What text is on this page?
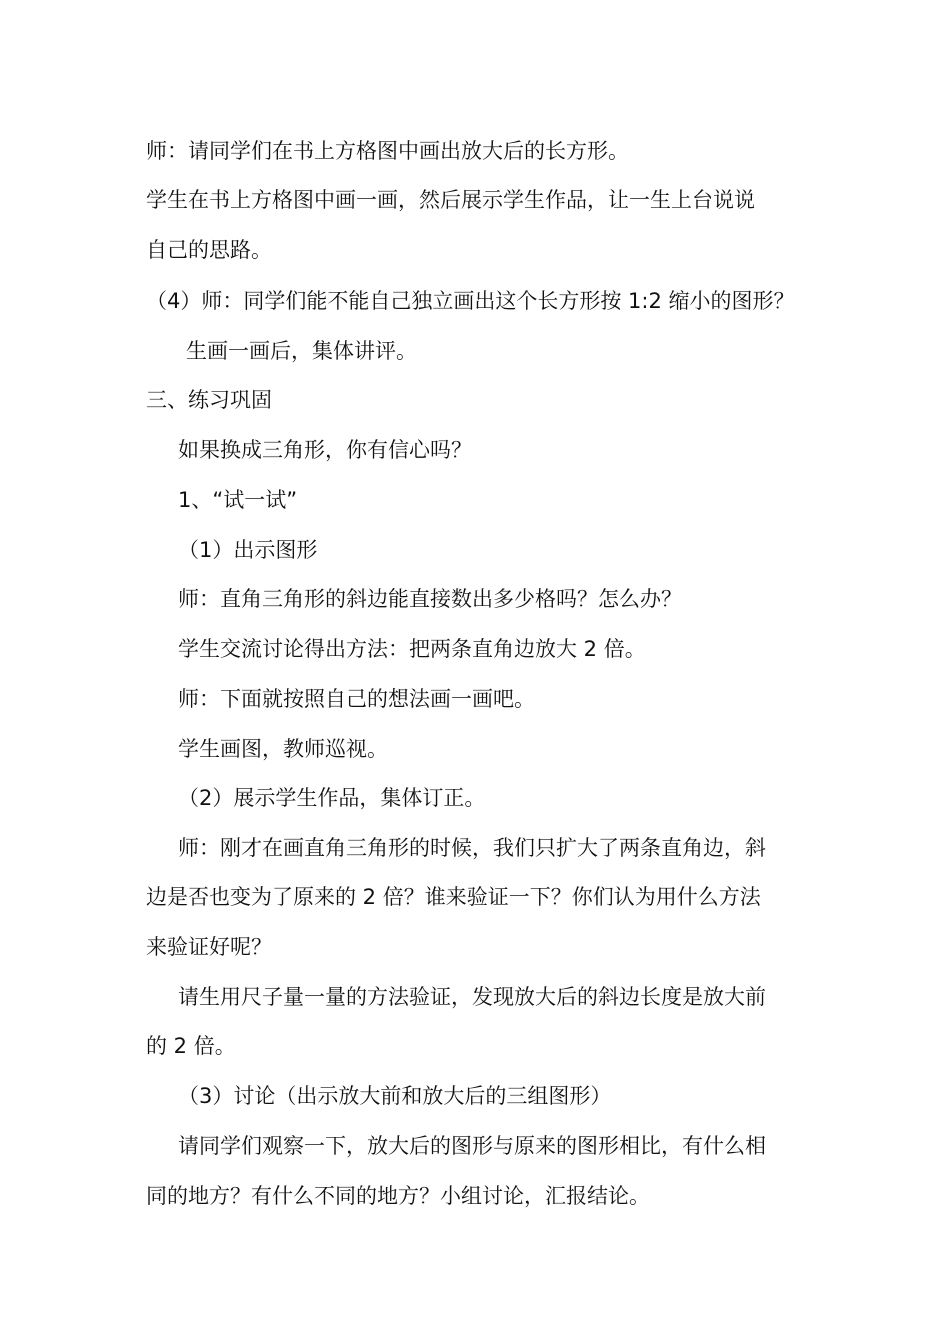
师：请同学们在书上方格图中画出放大后的长方形。
学生在书上方格图中画一画，然后展示学生作品，让一生上台说说
自己的思路。
（4）师：同学们能不能自己独立画出这个长方形按 1:2 缩小的图形？
生画一画后，集体讲评。
三、练习巩固
如果换成三角形，你有信心吗？
1、“试一试”
（1）出示图形
师：直角三角形的斜边能直接数出多少格吗？怎么办？
学生交流讨论得出方法：把两条直角边放大 2 倍。
师：下面就按照自己的想法画一画吧。
学生画图，教师巡视。
（2）展示学生作品，集体订正。
师：刚才在画直角三角形的时候，我们只扩大了两条直角边，斜
边是否也变为了原来的 2 倍？谁来验证一下？你们认为用什么方法
来验证好呢？
请生用尺子量一量的方法验证，发现放大后的斜边长度是放大前
的 2 倍。
（3）讨论（出示放大前和放大后的三组图形）
请同学们观察一下，放大后的图形与原来的图形相比，有什么相
同的地方？有什么不同的地方？小组讨论，汇报结论。
